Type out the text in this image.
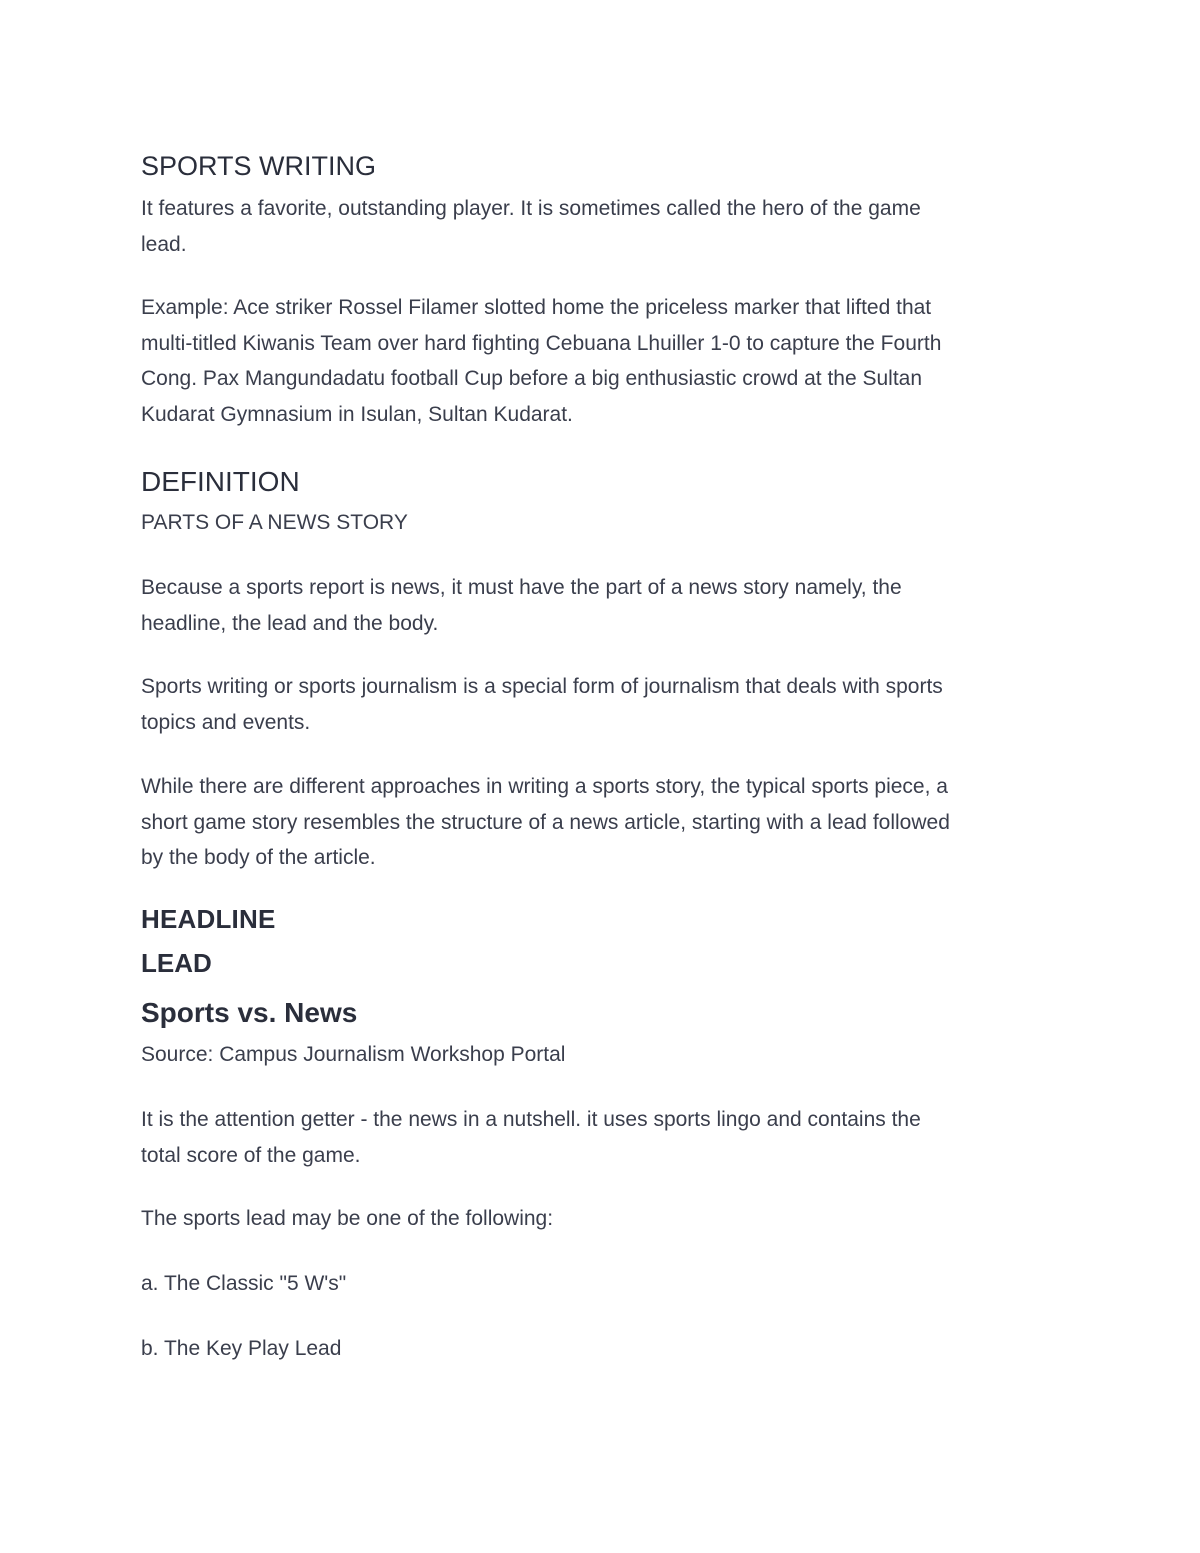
SPORTS WRITING

It features a favorite, outstanding player. It is sometimes called the hero of the game
lead.

Example: Ace striker Rossel Filamer slotted home the priceless marker that lifted that
multi-titled Kiwanis Team over hard fighting Cebuana Lhuiller 1-0 to capture the Fourth
Cong. Pax Mangundadatu football Cup before a big enthusiastic crowd at the Sultan
Kudarat Gymnasium in Isulan, Sultan Kudarat.

DEFINITION

PARTS OF A NEWS STORY

Because a sports report is news, it must have the part of a news story namely, the
headline, the lead and the body.

Sports writing or sports journalism is a special form of journalism that deals with sports
topics and events.

While there are different approaches in writing a sports story, the typical sports piece, a
short game story resembles the structure of a news article, starting with a lead followed
by the body of the article.

HEADLINE
LEAD
Sports vs. News

Source: Campus Journalism Workshop Portal

It is the attention getter - the news in a nutshell. it uses sports lingo and contains the
total score of the game.

The sports lead may be one of the following:

a. The Classic "5 W's"

b. The Key Play Lead
